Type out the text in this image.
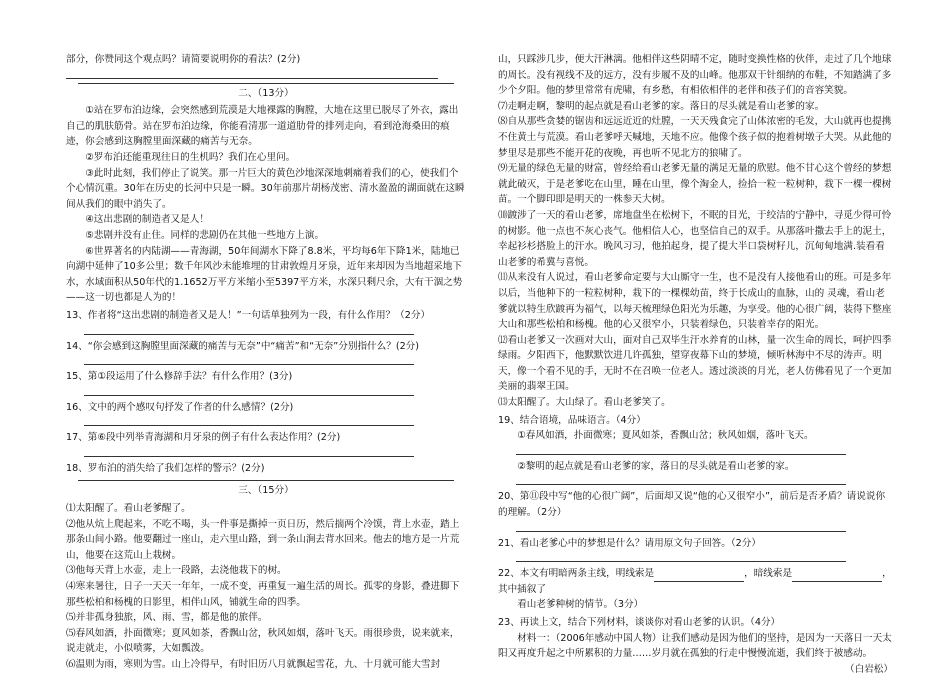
部分，你赞同这个观点吗？请简要说明你的看法？(2分)

二、（13分）

①站在罗布泊边缘，会突然感到荒漠是大地裸露的胸膛，大地在这里已脱尽了外衣，露出自己的肌肤筋骨。站在罗布泊边缘，你能看清那一道道肋骨的排列走向，看到沧海桑田的痕迹，你会感到这胸膛里面深藏的痛苦与无奈。

②罗布泊还能重现往日的生机吗？我们在心里问。

③此时此刻，我们停止了说笑。那一片巨大的黄色沙地深深地刺痛着我们的心，使我们个个心情沉重。30年在历史的长河中只是一瞬。30年前那片胡杨茂密、清水盈盈的湖面就在这瞬间从我们的眼中消失了。

④这出悲剧的制造者又是人！

⑤悲剧并没有止住。同样的悲剧仍在其他一些地方上演。

⑥世界著名的内陆湖——青海湖，50年间湖水下降了8.8米，平均每6年下降1米，陆地已向湖中延伸了10多公里；数千年风沙未能堆埋的甘肃敦煌月牙泉，近年来却因为当地超采地下水，水域面积从50年代的1.1652万平方米缩小至5397平方米，水深只剩尺余，大有干涸之势——这一切也都是人为的！

13、作者将“这出悲剧的制造者又是人！”一句话单独列为一段，有什么作用？（2分）

14、“你会感到这胸膛里面深藏的痛苦与无奈”中“痛苦”和“无奈”分别指什么？(2分)

15、第①段运用了什么修辞手法？有什么作用？(3分)

16、文中的两个感叹句抒发了作者的什么感情？(2分)

17、第⑥段中列举青海湖和月牙泉的例子有什么表达作用？(2分)

18、罗布泊的消失给了我们怎样的警示？(2分)

三、（15分）

⑴太阳醒了。看山老爹醒了。

⑵他从炕上爬起来，不吃不喝，头一件事是撕掉一页日历，然后揣两个冷馍，背上水壶，踏上那条山间小路。他要翻过一座山，走六里山路，到一条山涧去背水回来。他去的地方是一片荒山，他要在这荒山上栽树。

⑶他每天背上水壶，走上一段路，去浇他栽下的树。

⑷寒来暑往，日子一天天一年年，一成不变，再重复一遍生活的周长。孤零的身影，叠进脚下那些松柏和杨槐的日影里，相伴山风，铺就生命的四季。

⑸并非孤身独旅，风、雨、雪，都是他的旅伴。

⑸春风如酒，扑面微寒；夏风如茶，香飘山岔，秋风如烟，落叶飞天。雨很珍贵，说来就来，说走就走，小似喷雾，大如瓢泼。

⑹温则为雨，寒则为雪。山上冷得早，有时旧历八月就飘起雪花，九、十月就可能大雪封

山，只踩涉几步，便大汗淋漓。他相伴这些阴晴不定，随时变换性格的伙伴，走过了几个地球的周长。没有视线不及的远方，没有步履不及的山峰。他那双干针细纳的布鞋，不知踏满了多少个夕阳。他的梦里常常有虎啸，有乡愁，有相依相伴的老伴和孩子们的音容笑貌。

⑺走啊走啊，黎明的起点就是看山老爹的家。落日的尽头就是看山老爹的家。

⑻自从那些贪婪的锯齿和远远近近的灶膛，一天天残食完了山体浓密的毛发，大山就再也提携不住黄土与荒漠。看山老爹呼天喊地，天地不应。他像个孩子似的抱着树墩子大哭。从此他的梦里尽是那些不能开花的夜晚，再也听不见北方的狼啸了。

⑼无量的绿色无量的财富，曾经给看山老爹无量的满足无量的欣慰。他不甘心这个曾经的梦想就此破灭，于是老爹吃在山里，睡在山里，像个淘金人，捡拾一粒一粒树种，栽下一棵一棵树苗。一个脚印即是明天的一株参天大树。

⑽踱涉了一天的看山老爹，席地盘坐在松树下，不眠的目光，于绞洁的宁静中，寻觅少得可怜的树影。他一点也不灰心丧气。他相信人心，也坚信自己的双手。从那落叶撒去手上的泥土，幸起衫杉搭脸上的汗水。晚风习习，他拍起身，提了提大半口袋树籽儿，沉甸甸地满.装看看山老爹的希冀与喜悦。

⑾从来没有人说过，看山老爹命定要与大山厮守一生，也不是没有人接他看山的班。可是多年以后，当他种下的一粒粒树种，栽下的一棵棵幼苗，终于长成山的血脉，山的 灵魂，看山老爹就以特生欣踱再为福气，以每天梳理绿色阳光为乐趣，为享受。他的心很广阔，装得下整座大山和那些松柏和杨槐。他的心又很窄小，只装着绿色，只装着幸存的阳光。

⑿看山老爹又一次画对大山，面对自己双毕生汗水养育的山林，量一次生命的周长，呵护四季绿雨。夕阳西下，他默默饮进几许孤独，望穿夜幕下山的梦境，倾听林海中不尽的涛声。明天，像一个看不见的手，无时不在召唤一位老人。透过淡淡的月光，老人仿佛看见了一个更加美丽的翡翠王国。

⒀太阳醒了。大山绿了。看山老爹笑了。

19、结合语境，品味语言。（4分）

①春风如酒，扑面微寒；夏风如茶，香飘山岔；秋风如烟，落叶飞天。

②黎明的起点就是看山老爹的家，落日的尽头就是看山老爹的家。

20、第⑪段中写“他的心很广阔”，后面却又说“他的心又很窄小”，前后是否矛盾？请说说你的理解。（2分）

21、看山老爹心中的梦想是什么？请用原文句子回答。（2分）

22、本文有明暗两条主线，明线索是	，暗线索是	，其中插叙了

看山老爹种树的情节。（3分）

23、再读上文，结合下列材料，谈谈你对看山老爹的认识。（4分）

材料一：（2006年感动中国人物）让我们感动是因为他们的坚持，是因为一天落日一天太阳又再度升起之中所累积的力量……岁月就在孤独的行走中慢慢流逝，我们终于被感动。

（白岩松）
